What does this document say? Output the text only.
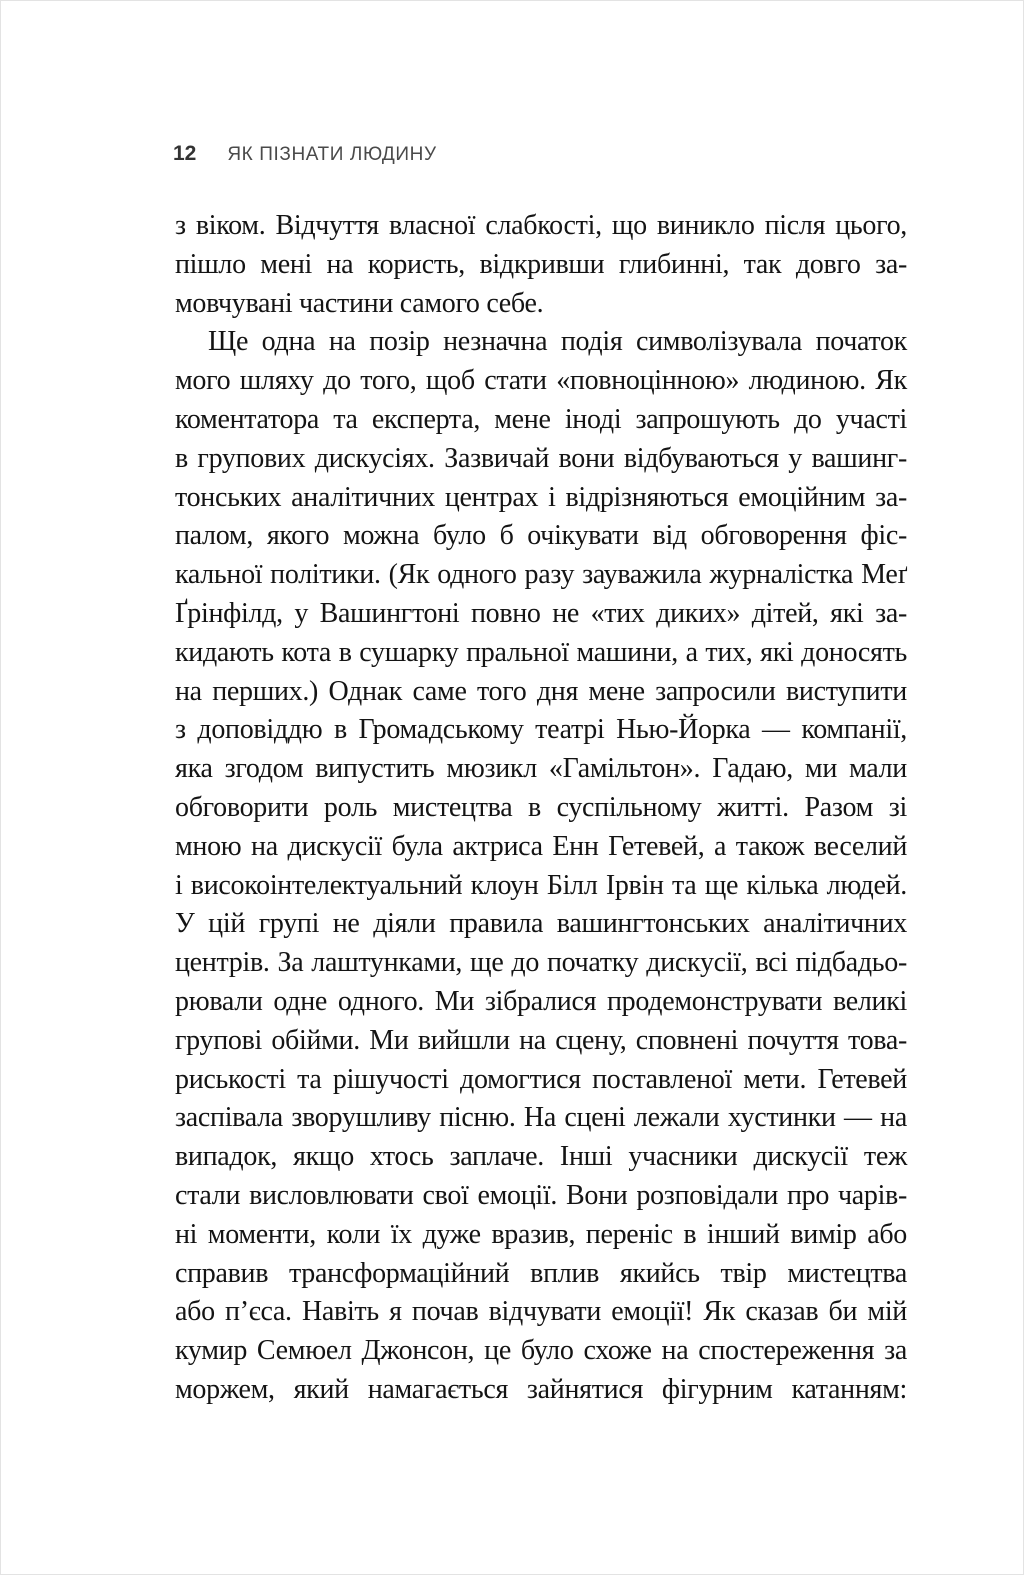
12 ЯК ПІЗНАТИ ЛЮДИНУ
з віком. Відчуття власної слабкості, що виникло після цього,
пішло мені на користь, відкривши глибинні, так довго за-
мовчувані частини самого себе.
Ще одна на позір незначна подія символізувала початок
мого шляху до того, щоб стати «повноцінною» людиною. Як
коментатора та експерта, мене іноді запрошують до участі
в групових дискусіях. Зазвичай вони відбуваються у вашинг-
тонських аналітичних центрах і відрізняються емоційним за-
палом, якого можна було б очікувати від обговорення фіс-
кальної політики. (Як одного разу зауважила журналістка Меґ
Ґрінфілд, у Вашингтоні повно не «тих диких» дітей, які за-
кидають кота в сушарку пральної машини, а тих, які доносять
на перших.) Однак саме того дня мене запросили виступити
з доповіддю в Громадському театрі Нью-Йорка — компанії,
яка згодом випустить мюзикл «Гамільтон». Гадаю, ми мали
обговорити роль мистецтва в суспільному житті. Разом зі
мною на дискусії була актриса Енн Гетевей, а також веселий
і високоінтелектуальний клоун Білл Ірвін та ще кілька людей.
У цій групі не діяли правила вашингтонських аналітичних
центрів. За лаштунками, ще до початку дискусії, всі підбадьо-
рювали одне одного. Ми зібралися продемонструвати великі
групові обійми. Ми вийшли на сцену, сповнені почуття това-
риськості та рішучості домогтися поставленої мети. Гетевей
заспівала зворушливу пісню. На сцені лежали хустинки — на
випадок, якщо хтось заплаче. Інші учасники дискусії теж
стали висловлювати свої емоції. Вони розповідали про чарів-
ні моменти, коли їх дуже вразив, переніс в інший вимір або
справив трансформаційний вплив якийсь твір мистецтва
або п’єса. Навіть я почав відчувати емоції! Як сказав би мій
кумир Семюел Джонсон, це було схоже на спостереження за
моржем, який намагається зайнятися фігурним катанням:
